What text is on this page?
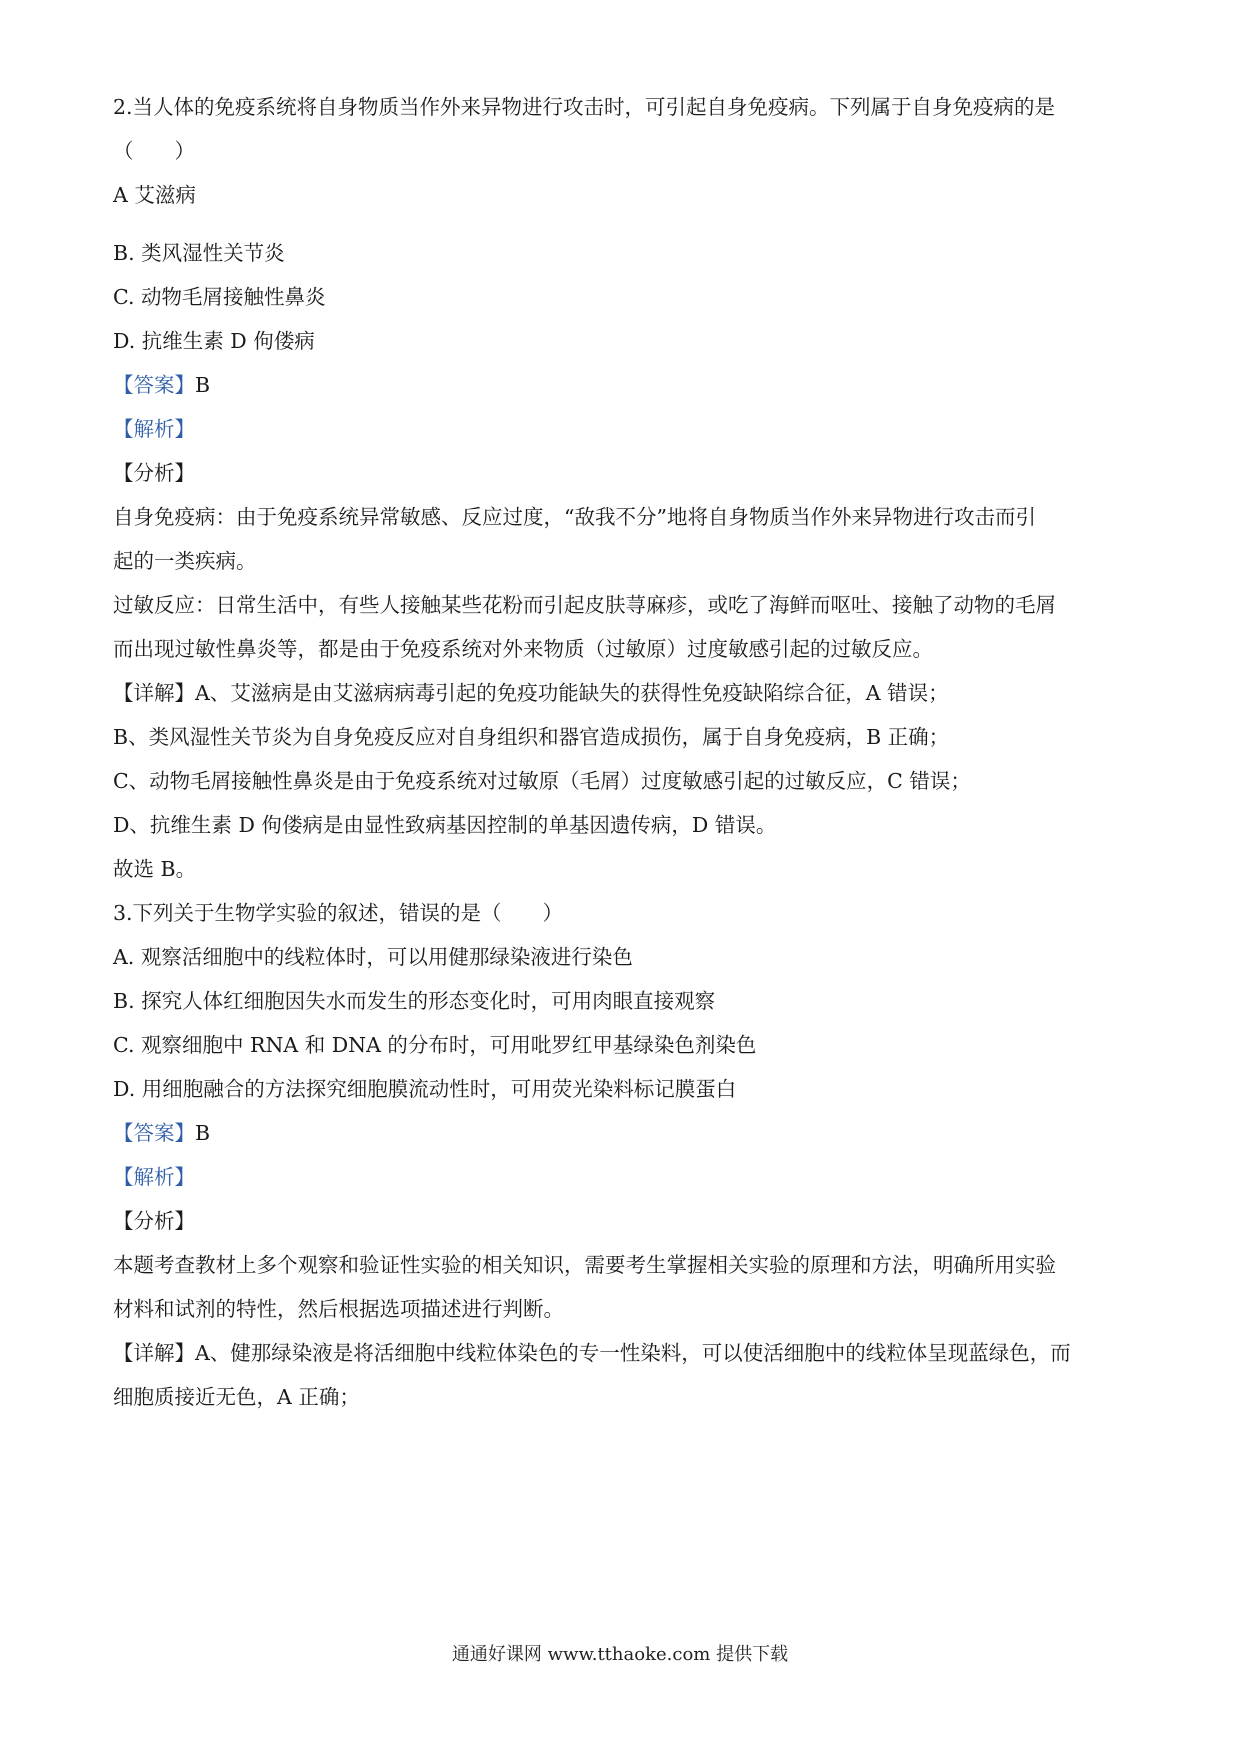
2.当人体的免疫系统将自身物质当作外来异物进行攻击时，可引起自身免疫病。下列属于自身免疫病的是

（　　）

A 艾滋病

B. 类风湿性关节炎

C. 动物毛屑接触性鼻炎

D. 抗维生素 D 佝偻病

【答案】B

【解析】

【分析】

自身免疫病：由于免疫系统异常敏感、反应过度，“敌我不分”地将自身物质当作外来异物进行攻击而引

起的一类疾病。

过敏反应：日常生活中，有些人接触某些花粉而引起皮肤荨麻疹，或吃了海鲜而呕吐、接触了动物的毛屑

而出现过敏性鼻炎等，都是由于免疫系统对外来物质（过敏原）过度敏感引起的过敏反应。

【详解】A、艾滋病是由艾滋病病毒引起的免疫功能缺失的获得性免疫缺陷综合征，A 错误；

B、类风湿性关节炎为自身免疫反应对自身组织和器官造成损伤，属于自身免疫病，B 正确；

C、动物毛屑接触性鼻炎是由于免疫系统对过敏原（毛屑）过度敏感引起的过敏反应，C 错误；

D、抗维生素 D 佝偻病是由显性致病基因控制的单基因遗传病，D 错误。

故选 B。

3.下列关于生物学实验的叙述，错误的是（　　）

A. 观察活细胞中的线粒体时，可以用健那绿染液进行染色

B. 探究人体红细胞因失水而发生的形态变化时，可用肉眼直接观察

C. 观察细胞中 RNA 和 DNA 的分布时，可用吡罗红甲基绿染色剂染色

D. 用细胞融合的方法探究细胞膜流动性时，可用荧光染料标记膜蛋白

【答案】B

【解析】

【分析】

本题考查教材上多个观察和验证性实验的相关知识，需要考生掌握相关实验的原理和方法，明确所用实验

材料和试剂的特性，然后根据选项描述进行判断。

【详解】A、健那绿染液是将活细胞中线粒体染色的专一性染料，可以使活细胞中的线粒体呈现蓝绿色，而

细胞质接近无色，A 正确；

通通好课网 www.tthaoke.com 提供下载
